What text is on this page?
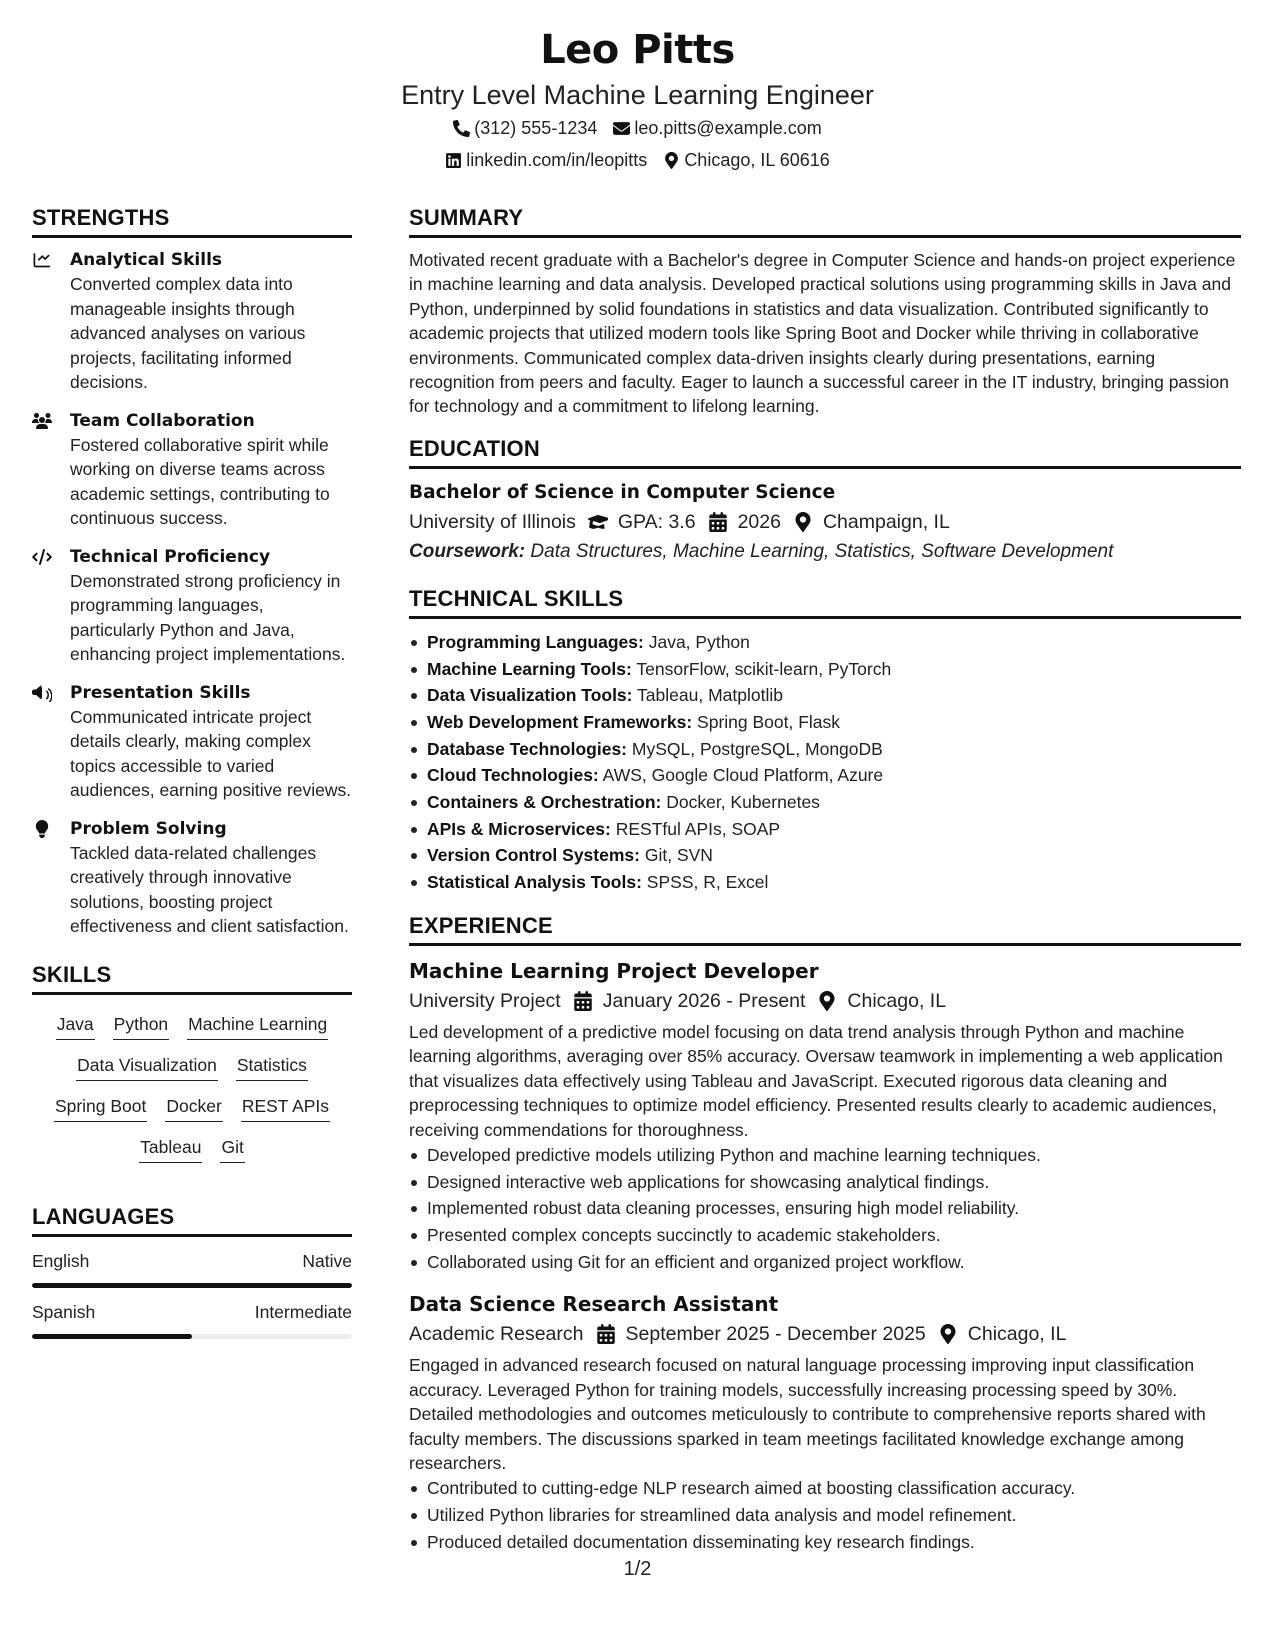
Leo Pitts
Entry Level Machine Learning Engineer
(312) 555-1234 leo.pitts@example.com
linkedin.com/in/leopitts Chicago, IL 60616
STRENGTHS
Analytical Skills
Converted complex data into manageable insights through advanced analyses on various projects, facilitating informed decisions.
Team Collaboration
Fostered collaborative spirit while working on diverse teams across academic settings, contributing to continuous success.
Technical Proficiency
Demonstrated strong proficiency in programming languages, particularly Python and Java, enhancing project implementations.
Presentation Skills
Communicated intricate project details clearly, making complex topics accessible to varied audiences, earning positive reviews.
Problem Solving
Tackled data-related challenges creatively through innovative solutions, boosting project effectiveness and client satisfaction.
SKILLS
Java Python Machine Learning
Data Visualization Statistics
Spring Boot Docker REST APIs
Tableau Git
LANGUAGES
English	Native
Spanish	Intermediate
SUMMARY
Motivated recent graduate with a Bachelor's degree in Computer Science and hands-on project experience in machine learning and data analysis. Developed practical solutions using programming skills in Java and Python, underpinned by solid foundations in statistics and data visualization. Contributed significantly to academic projects that utilized modern tools like Spring Boot and Docker while thriving in collaborative environments. Communicated complex data-driven insights clearly during presentations, earning recognition from peers and faculty. Eager to launch a successful career in the IT industry, bringing passion for technology and a commitment to lifelong learning.
EDUCATION
Bachelor of Science in Computer Science
University of Illinois GPA: 3.6 2026 Champaign, IL
Coursework: Data Structures, Machine Learning, Statistics, Software Development
TECHNICAL SKILLS
Programming Languages: Java, Python
Machine Learning Tools: TensorFlow, scikit-learn, PyTorch
Data Visualization Tools: Tableau, Matplotlib
Web Development Frameworks: Spring Boot, Flask
Database Technologies: MySQL, PostgreSQL, MongoDB
Cloud Technologies: AWS, Google Cloud Platform, Azure
Containers & Orchestration: Docker, Kubernetes
APIs & Microservices: RESTful APIs, SOAP
Version Control Systems: Git, SVN
Statistical Analysis Tools: SPSS, R, Excel
EXPERIENCE
Machine Learning Project Developer
University Project January 2026 - Present Chicago, IL
Led development of a predictive model focusing on data trend analysis through Python and machine learning algorithms, averaging over 85% accuracy. Oversaw teamwork in implementing a web application that visualizes data effectively using Tableau and JavaScript. Executed rigorous data cleaning and preprocessing techniques to optimize model efficiency. Presented results clearly to academic audiences, receiving commendations for thoroughness.
Developed predictive models utilizing Python and machine learning techniques.
Designed interactive web applications for showcasing analytical findings.
Implemented robust data cleaning processes, ensuring high model reliability.
Presented complex concepts succinctly to academic stakeholders.
Collaborated using Git for an efficient and organized project workflow.
Data Science Research Assistant
Academic Research September 2025 - December 2025 Chicago, IL
Engaged in advanced research focused on natural language processing improving input classification accuracy. Leveraged Python for training models, successfully increasing processing speed by 30%. Detailed methodologies and outcomes meticulously to contribute to comprehensive reports shared with faculty members. The discussions sparked in team meetings facilitated knowledge exchange among researchers.
Contributed to cutting-edge NLP research aimed at boosting classification accuracy.
Utilized Python libraries for streamlined data analysis and model refinement.
Produced detailed documentation disseminating key research findings.
1/2
